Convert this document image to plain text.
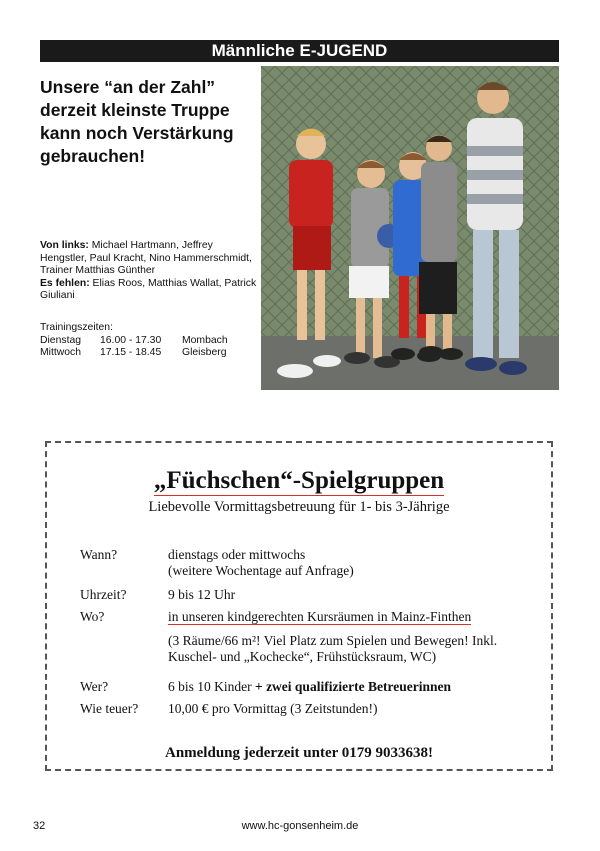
Männliche E-JUGEND
Unsere “an der Zahl”
derzeit kleinste Truppe
kann noch Verstärkung
gebrauchen!
Von links: Michael Hartmann, Jeffrey Hengstler, Paul Kracht, Nino Hammerschmidt, Trainer Matthias Günther
Es fehlen: Elias Roos, Matthias Wallat, Patrick Giuliani
Trainingszeiten:
Dienstag	16.00 - 17.30	Mombach
Mittwoch	17.15 - 18.45	Gleisberg
„Füchschen“-Spielgruppen
Liebevolle Vormittagsbetreuung für 1- bis 3-Jährige
Wann?	dienstags oder mittwochs
(weitere Wochentage auf Anfrage)
Uhrzeit?	9 bis 12 Uhr
Wo?	in unseren kindgerechten Kursräumen in Mainz-Finthen
(3 Räume/66 m²! Viel Platz zum Spielen und Bewegen! Inkl.
Kuschel- und „Kochecke“, Frühstücksraum, WC)
Wer?	6 bis 10 Kinder + zwei qualifizierte Betreuerinnen
Wie teuer?	10,00 € pro Vormittag (3 Zeitstunden!)
Anmeldung jederzeit unter 0179 9033638!
32	www.hc-gonsenheim.de
